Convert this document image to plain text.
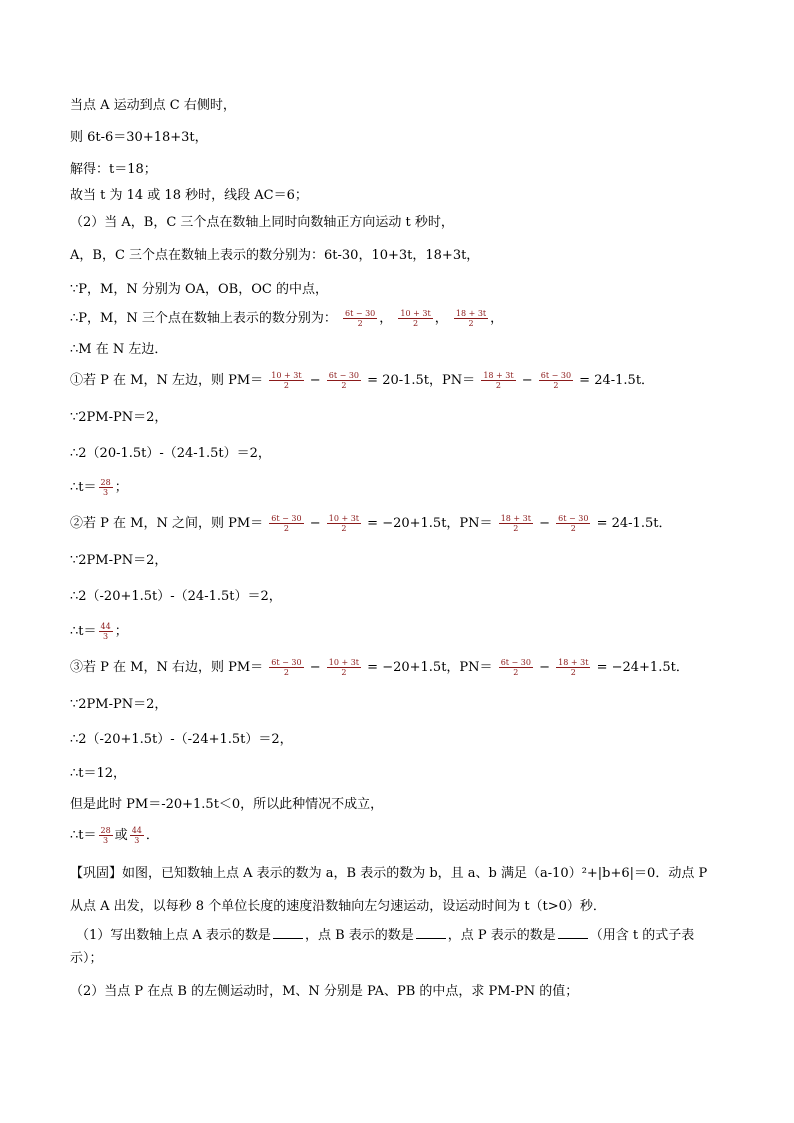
当点 A 运动到点 C 右侧时，
则 6t-6＝30+18+3t，
解得：t＝18；
故当 t 为 14 或 18 秒时，线段 AC＝6；
（2）当 A，B，C 三个点在数轴上同时向数轴正方向运动 t 秒时，
A，B，C 三个点在数轴上表示的数分别为：6t-30，10+3t，18+3t，
∵P，M，N 分别为 OA，OB，OC 的中点，
∴P，M，N 三个点在数轴上表示的数分别为： $\frac{6t - 30}{2}$ ， $\frac{10 + 3t}{2}$ ， $\frac{18 + 3t}{2}$ ，
∴M 在 N 左边．
①若 P 在 M，N 左边，则 $PM= \frac{10 + 3t}{2} - \frac{6t - 30}{2} = 20-1.5t$，$PN= \frac{18 + 3t}{2} - \frac{6t - 30}{2} = 24-1.5t$．
∵2PM-PN＝2，
∴2（20-1.5t）-（24-1.5t）＝2，
∴t＝ $\frac{28}{3}$ ；
②若 P 在 M，N 之间，则 $PM= \frac{6t - 30}{2} - \frac{10 + 3t}{2} = -20+1.5t$，$PN= \frac{18 + 3t}{2} - \frac{6t - 30}{2} = 24-1.5t$．
∵2PM-PN＝2，
∴2（-20+1.5t）-（24-1.5t）＝2，
∴t＝ $\frac{44}{3}$ ；
③若 P 在 M，N 右边，则 $PM= \frac{6t - 30}{2} - \frac{10 + 3t}{2} = -20+1.5t$，$PN= \frac{6t - 30}{2} - \frac{18 + 3t}{2} = -24+1.5t$．
∵2PM-PN＝2，
∴2（-20+1.5t）-（-24+1.5t）＝2，
∴t＝12，
但是此时 PM＝-20+1.5t＜0，所以此种情况不成立，
∴t＝ $\frac{28}{3}$ 或 $\frac{44}{3}$ ．
【巩固】如图，已知数轴上点 A 表示的数为 a，B 表示的数为 b，且 a、b 满足（a-10）²+|b+6|＝0．动点 P
从点 A 出发，以每秒 8 个单位长度的速度沿数轴向左匀速运动，设运动时间为 t（t>0）秒．
（1）写出数轴上点 A 表示的数是	，点 B 表示的数是	，点 P 表示的数是	（用含 t 的式子表
示）；
（2）当点 P 在点 B 的左侧运动时，M、N 分别是 PA、PB 的中点，求 PM-PN 的值；
